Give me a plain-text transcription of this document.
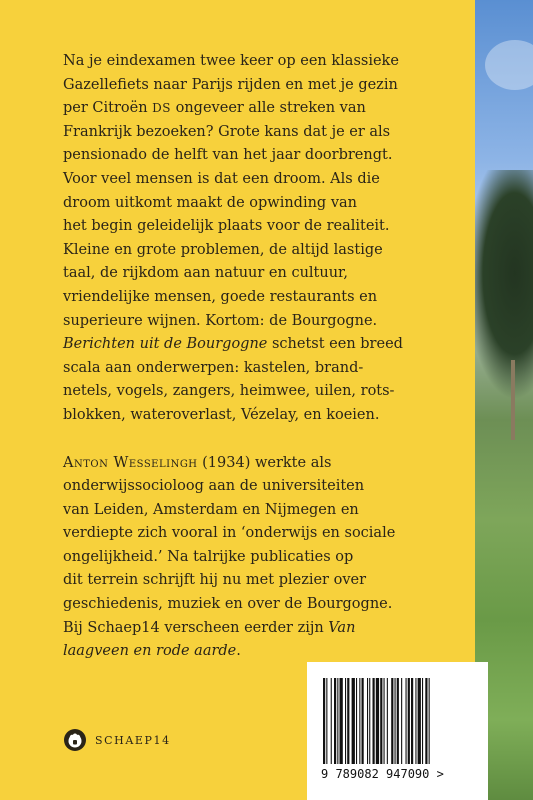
Na je eindexamen twee keer op een klassieke
Gazellefiets naar Parijs rijden en met je gezin
per Citroën DS ongeveer alle streken van
Frankrijk bezoeken? Grote kans dat je er als
pensionado de helft van het jaar doorbrengt.
Voor veel mensen is dat een droom. Als die
droom uitkomt maakt de opwinding van
het begin geleidelijk plaats voor de realiteit.
Kleine en grote problemen, de altijd lastige
taal, de rijkdom aan natuur en cultuur,
vriendelijke mensen, goede restaurants en
superieure wijnen. Kortom: de Bourgogne.
Berichten uit de Bourgogne schetst een breed
scala aan onderwerpen: kastelen, brand-
netels, vogels, zangers, heimwee, uilen, rots-
blokken, wateroverlast, Vézelay, en koeien.

Anton Wesselingh (1934) werkte als
onderwijssocioloog aan de universiteiten
van Leiden, Amsterdam en Nijmegen en
verdiepte zich vooral in ‘onderwijs en sociale
ongelijkheid.’ Na talrijke publicaties op
dit terrein schrijft hij nu met plezier over
geschiedenis, muziek en over de Bourgogne.
Bij Schaep14 verscheen eerder zijn Van
laagveen en rode aarde.

SCHAEP14
9 789082 947090 >
